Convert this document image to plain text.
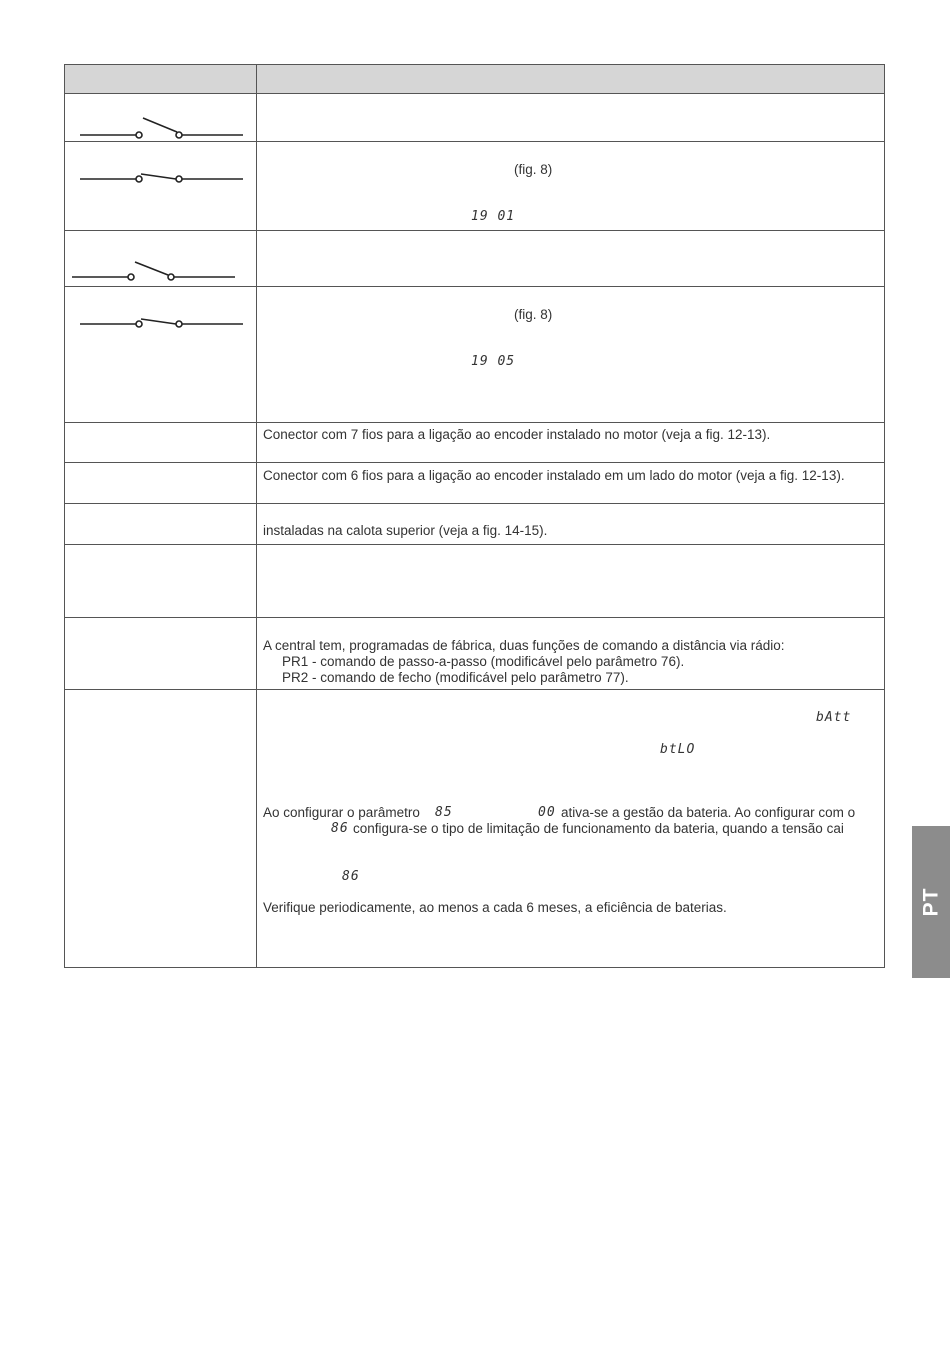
(fig. 8)
19 01
(fig. 8)
19 05
Conector com 7 fios para a ligação ao encoder instalado no motor (veja a fig. 12-13).
Conector com 6 fios para a ligação ao encoder instalado em um lado do motor (veja a fig. 12-13).
instaladas na calota superior (veja a fig. 14-15).
A central tem, programadas de fábrica, duas funções de comando a distância via rádio:
PR1 - comando de passo-a-passo (modificável pelo parâmetro 76).
PR2 - comando de fecho (modificável pelo parâmetro 77).
bAtt
btLO
Ao configurar o parâmetro 85	00 ativa-se a gestão da bateria. Ao configurar com o
86 configura-se o tipo de limitação de funcionamento da bateria, quando a tensão cai
86
Verifique periodicamente, ao menos a cada 6 meses, a eficiência de baterias.	PT
